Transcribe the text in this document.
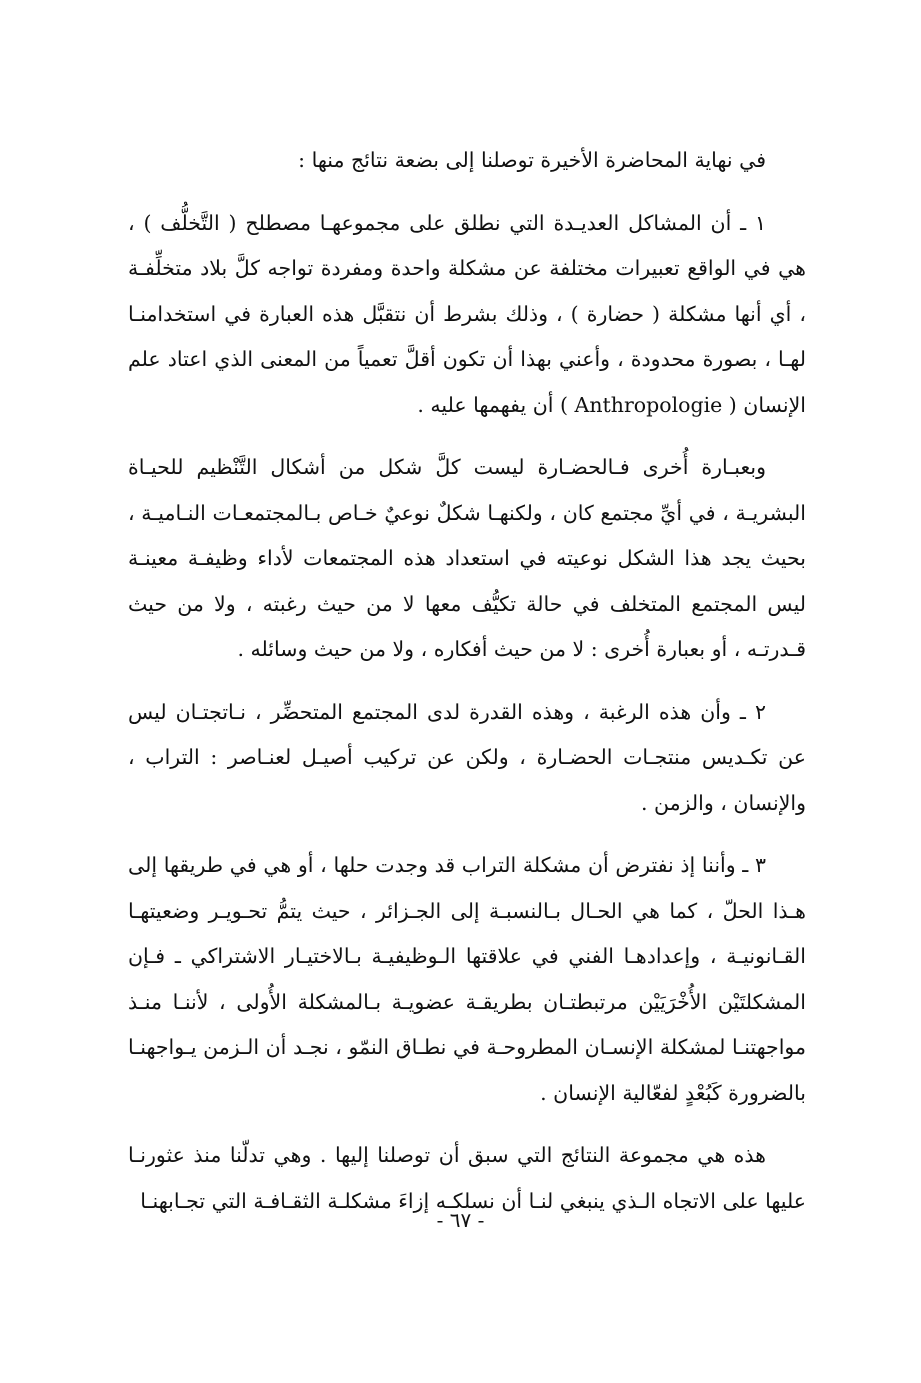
في نهاية المحاضرة الأخيرة توصلنا إلى بضعة نتائج منها :

١ ـ أن المشاكل العديـدة التي نطلق على مجموعهـا مصطلح ( التَّخلُّف ) ، هي في الواقع تعبيرات مختلفة عن مشكلة واحدة ومفردة تواجه كلَّ بلاد متخلِّفـة ، أي أنها مشكلة ( حضارة ) ، وذلك بشرط أن نتقبَّل هذه العبارة في استخدامنـا لهـا ، بصورة محدودة ، وأعني بهذا أن تكون أقلَّ تعمياً من المعنى الذي اعتاد علم الإنسان ( Anthropologie ) أن يفهمها عليه .

وبعبـارة أُخرى فـالحضـارة ليست كلَّ شكل من أشكال التَّنْظيم للحيـاة البشريـة ، في أيِّ مجتمع كان ، ولكنهـا شكلٌ نوعيٌ خـاص بـالمجتمعـات النـاميـة ، بحيث يجد هذا الشكل نوعيته في استعداد هذه المجتمعات لأداء وظيفـة معينـة ليس المجتمع المتخلف في حالة تكيُّف معها لا من حيث رغبته ، ولا من حيث قـدرتـه ، أو بعبارة أُخرى : لا من حيث أفكاره ، ولا من حيث وسائله .

٢ ـ وأن هذه الرغبة ، وهذه القدرة لدى المجتمع المتحضِّر ، نـاتجتـان ليس عن تكـديس منتجـات الحضـارة ، ولكن عن تركيب أصيـل لعنـاصر : التراب ، والإنسان ، والزمن .

٣ ـ وأننا إذ نفترض أن مشكلة التراب قد وجدت حلها ، أو هي في طريقها إلى هـذا الحلّ ، كما هي الحـال بـالنسبـة إلى الجـزائر ، حيث يتمُّ تحـويـر وضعيتهـا القـانونيـة ، وإعدادهـا الفني في علاقتها الـوظيفيـة بـالاختيـار الاشتراكي ـ فـإن المشكلتَيْن الأُخْرَيَيْن مرتبطتـان بطريقـة عضويـة بـالمشكلة الأُولى ، لأننـا منـذ مواجهتنـا لمشكلة الإنسـان المطروحـة في نطـاق النمّو ، نجـد أن الـزمن يـواجهنـا بالضرورة كَبُعْدٍ لفعّالية الإنسان .

هذه هي مجموعة النتائج التي سبق أن توصلنا إليها . وهي تدلّنا منذ عثورنـا عليها على الاتجاه الـذي ينبغي لنـا أن نسلكـه إزاءَ مشكلـة الثقـافـة التي تجـابهنـا

- ٦٧ -
